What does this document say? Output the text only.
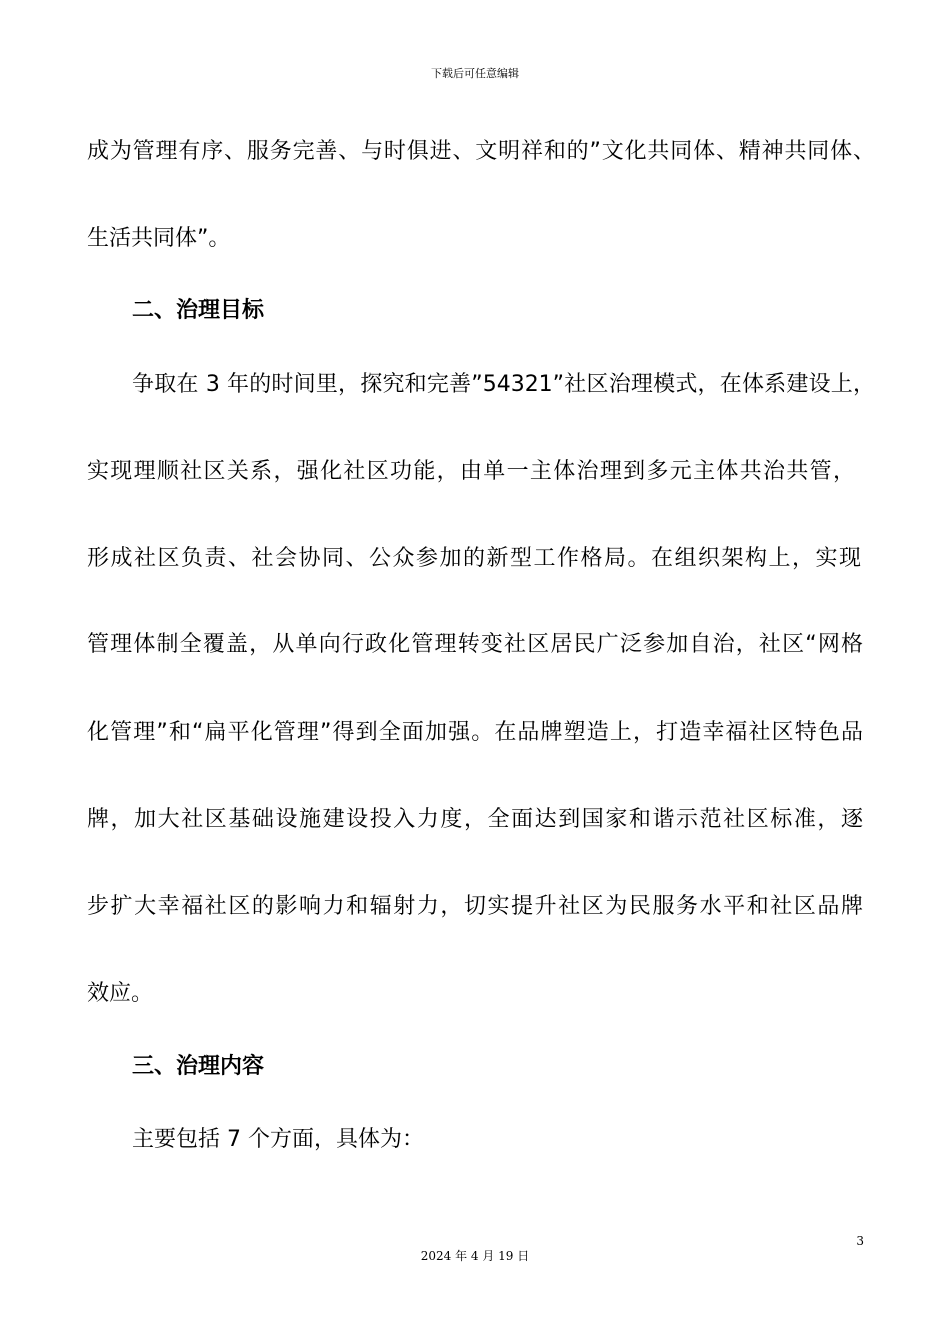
下载后可任意编辑
成为管理有序、服务完善、与时俱进、文明祥和的”文化共同体、精神共同体、
生活共同体”。
二、治理目标
争取在 3 年的时间里，探究和完善”54321”社区治理模式，在体系建设上，
实现理顺社区关系，强化社区功能，由单一主体治理到多元主体共治共管，
形成社区负责、社会协同、公众参加的新型工作格局。在组织架构上，实现
管理体制全覆盖，从单向行政化管理转变社区居民广泛参加自治，社区“网格
化管理”和“扁平化管理”得到全面加强。在品牌塑造上，打造幸福社区特色品
牌，加大社区基础设施建设投入力度，全面达到国家和谐示范社区标准，逐
步扩大幸福社区的影响力和辐射力，切实提升社区为民服务水平和社区品牌
效应。
三、治理内容
主要包括 7 个方面，具体为：
3
2024 年 4 月 19 日
